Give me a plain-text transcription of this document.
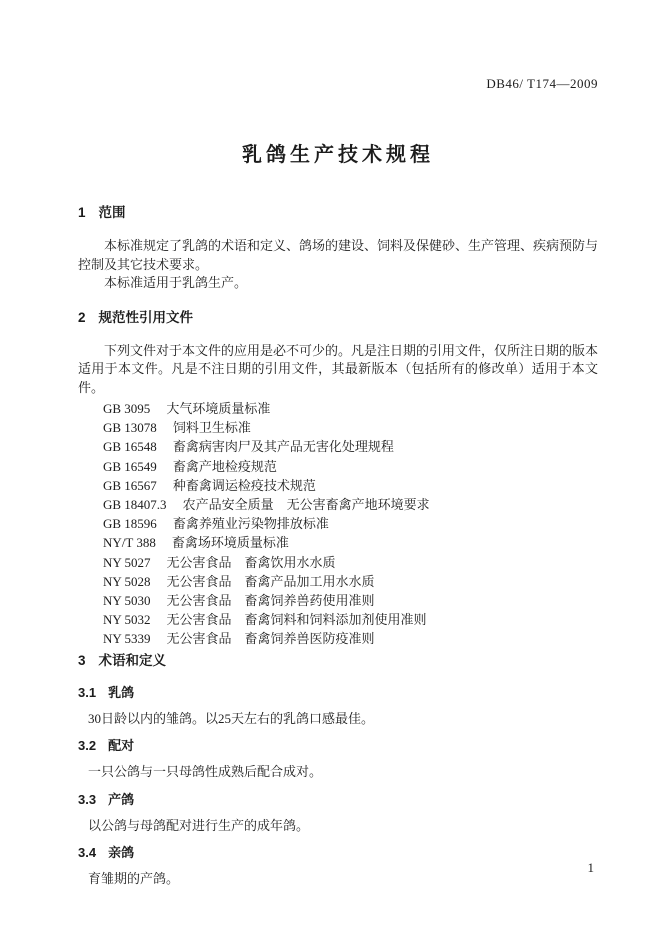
DB46/ T174—2009
乳鸽生产技术规程
1 范围

本标准规定了乳鸽的术语和定义、鸽场的建设、饲料及保健砂、生产管理、疾病预防与控制及其它技术要求。

本标准适用于乳鸽生产。

2 规范性引用文件

下列文件对于本文件的应用是必不可少的。凡是注日期的引用文件，仅所注日期的版本适用于本文件。凡是不注日期的引用文件，其最新版本（包括所有的修改单）适用于本文件。

GB 3095 大气环境质量标准
GB 13078 饲料卫生标准
GB 16548 畜禽病害肉尸及其产品无害化处理规程
GB 16549 畜禽产地检疫规范
GB 16567 种畜禽调运检疫技术规范
GB 18407.3 农产品安全质量　无公害畜禽产地环境要求
GB 18596 畜禽养殖业污染物排放标准
NY/T 388 畜禽场环境质量标准
NY 5027 无公害食品　畜禽饮用水水质
NY 5028 无公害食品　畜禽产品加工用水水质
NY 5030 无公害食品　畜禽饲养兽药使用准则
NY 5032 无公害食品　畜禽饲料和饲料添加剂使用准则
NY 5339 无公害食品　畜禽饲养兽医防疫准则
3 术语和定义
3.1 乳鸽

30日龄以内的雏鸽。以25天左右的乳鸽口感最佳。

3.2 配对

一只公鸽与一只母鸽性成熟后配合成对。

3.3 产鸽

以公鸽与母鸽配对进行生产的成年鸽。

3.4 亲鸽

育雏期的产鸽。

1
